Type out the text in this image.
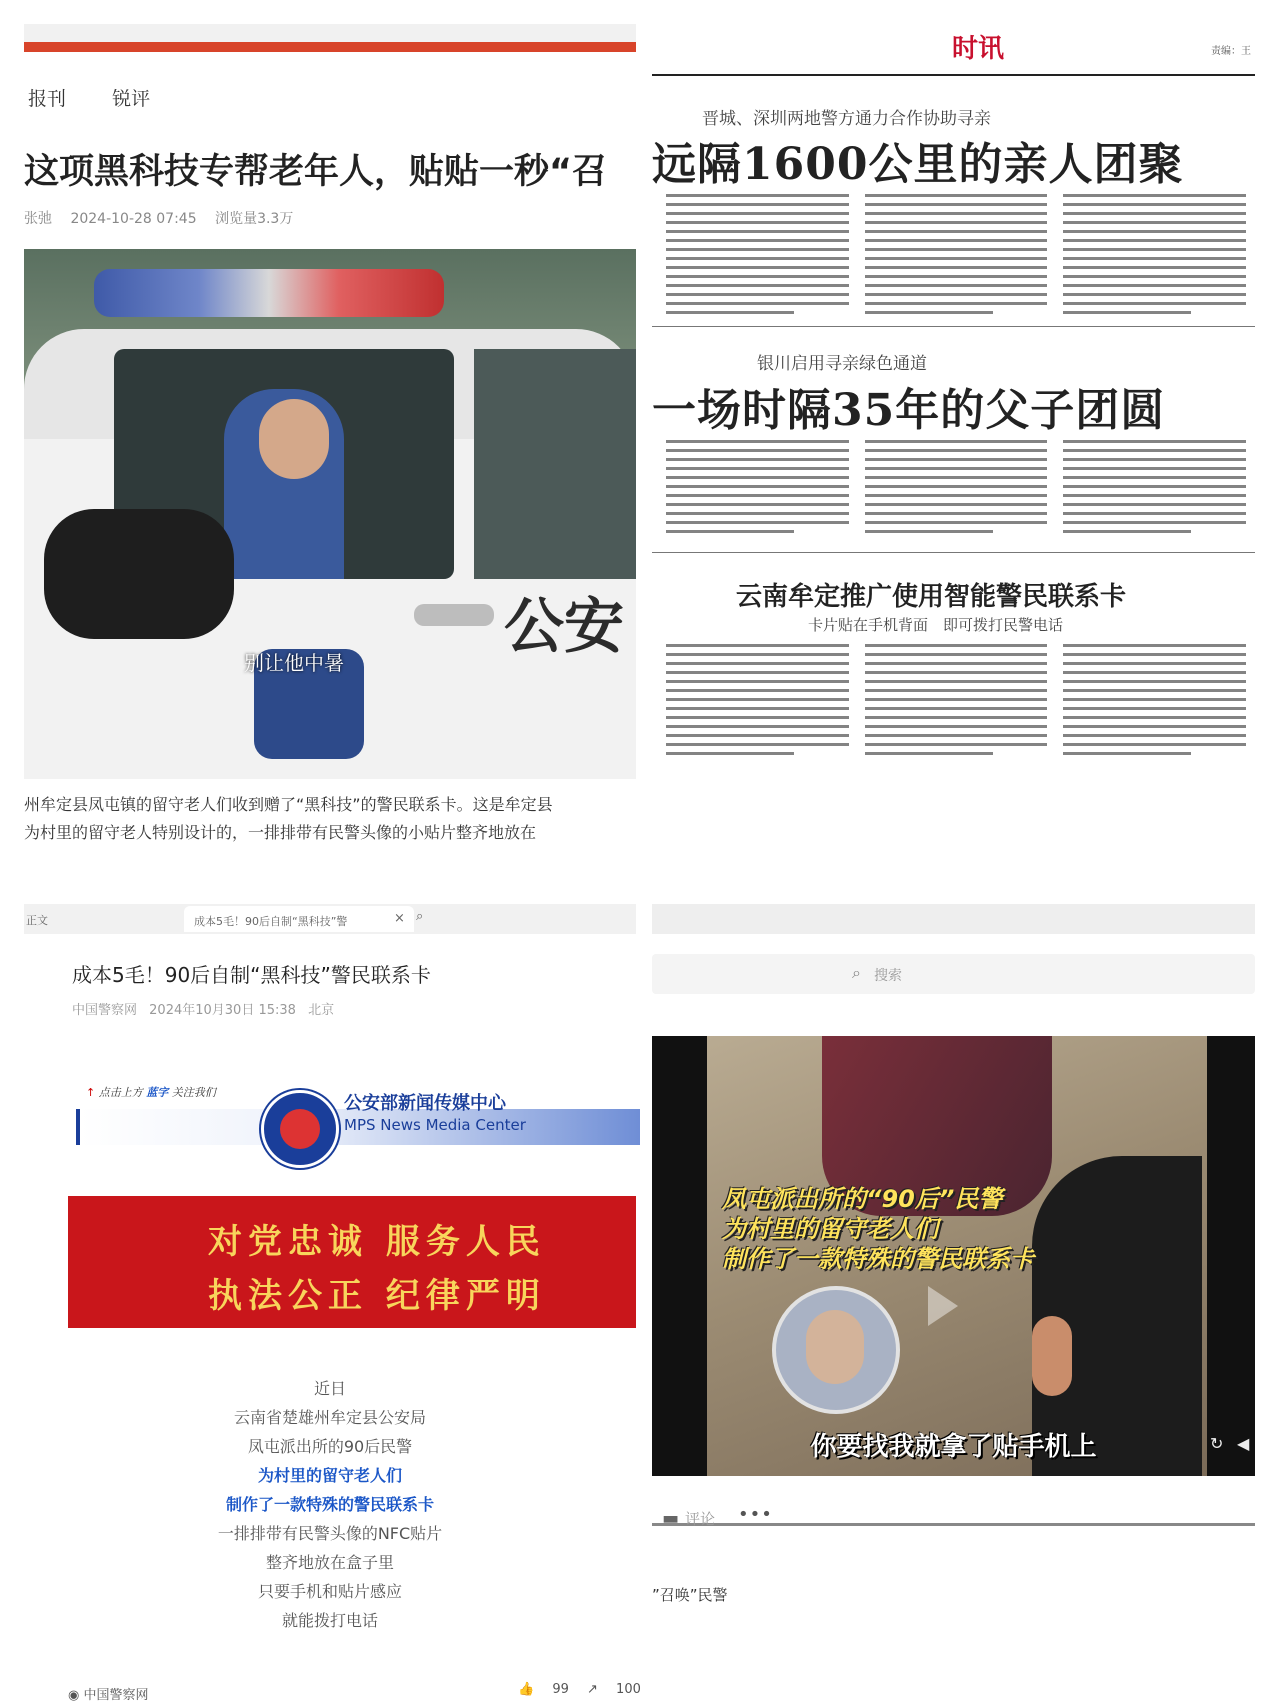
报刊 锐评
这项黑科技专帮老年人，贴贴一秒“召
张弛 2024-10-28 07:45 浏览量3.3万
别让他中暑
公安
州牟定县凤屯镇的留守老人们收到赠了“黑科技”的警民联系卡。这是牟定县
为村里的留守老人特别设计的，一排排带有民警头像的小贴片整齐地放在
时讯	责编：王
晋城、深圳两地警方通力合作协助寻亲
远隔1600公里的亲人团聚
银川启用寻亲绿色通道
一场时隔35年的父子团圆
云南牟定推广使用智能警民联系卡
卡片贴在手机背面　即可拨打民警电话
正文	成本5毛！90后自制“黑科技”警	× ⌕
成本5毛！90后自制“黑科技”警民联系卡
中国警察网 2024年10月30日 15:38 北京
↑ 点击上方 蓝字 关注我们
公安部新闻传媒中心
MPS News Media Center
对党忠诚 服务人民
执法公正 纪律严明
近日
云南省楚雄州牟定县公安局
凤屯派出所的90后民警
为村里的留守老人们
制作了一款特殊的警民联系卡
一排排带有民警头像的NFC贴片
整齐地放在盒子里
只要手机和贴片感应
就能拨打电话
◉ 中国警察网	👍 99 ↗ 100
⌕ 搜索
凤屯派出所的“90后”民警
为村里的留守老人们
制作了一款特殊的警民联系卡
你要找我就拿了贴手机上	↻ ◀
▬ 评论 •••
”召唤”民警
